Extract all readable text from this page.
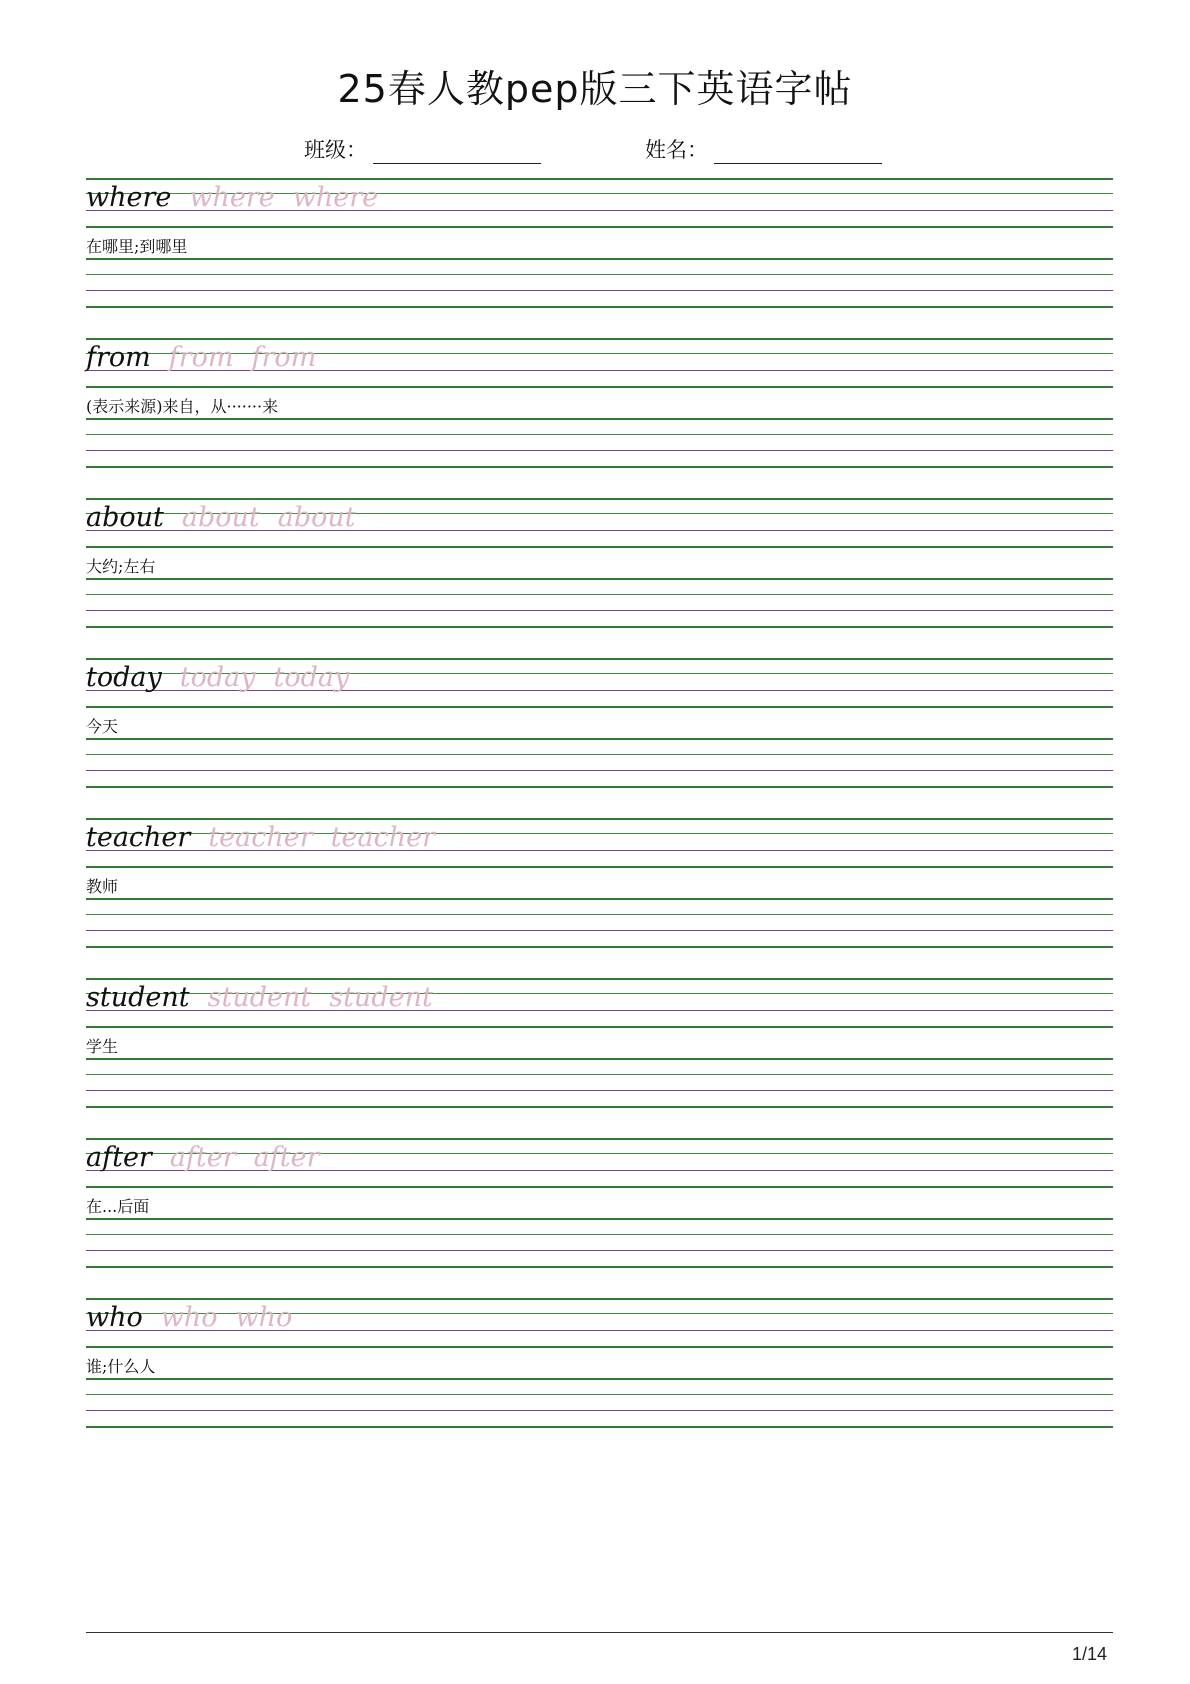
25春人教pep版三下英语字帖
班级：	姓名：
where where where
在哪里;到哪里
from from from
(表示来源)来自，从·······来
about about about
大约;左右
today today today
今天
teacher teacher teacher
教师
student student student
学生
after after after
在...后面
who who who
谁;什么人
1/14
